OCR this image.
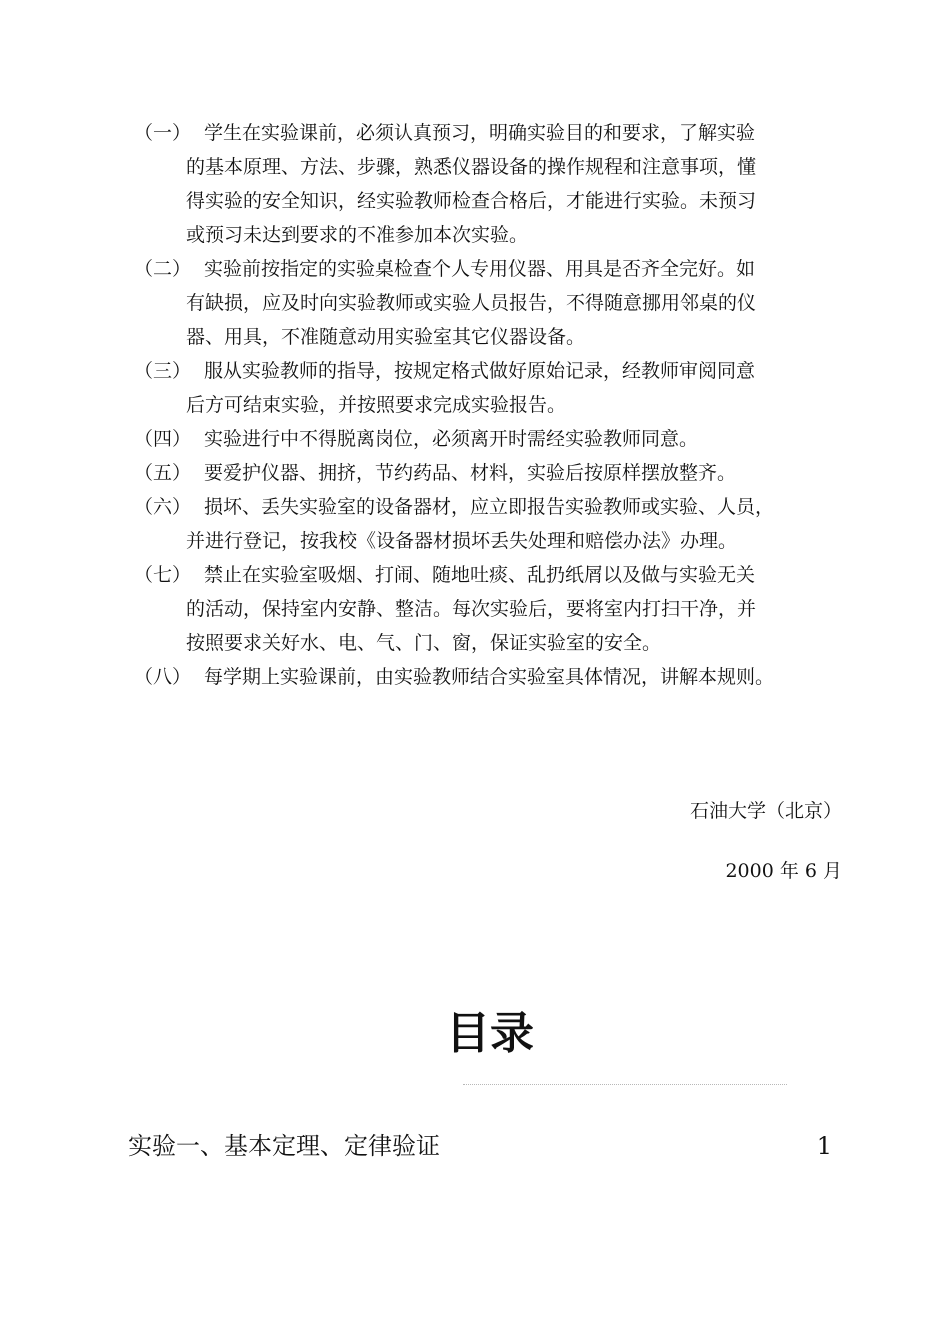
（一） 学生在实验课前，必须认真预习，明确实验目的和要求，了解实验
的基本原理、方法、步骤，熟悉仪器设备的操作规程和注意事项，懂
得实验的安全知识，经实验教师检查合格后，才能进行实验。未预习
或预习未达到要求的不准参加本次实验。
（二） 实验前按指定的实验桌检查个人专用仪器、用具是否齐全完好。如
有缺损，应及时向实验教师或实验人员报告，不得随意挪用邻桌的仪
器、用具，不准随意动用实验室其它仪器设备。
（三） 服从实验教师的指导，按规定格式做好原始记录，经教师审阅同意
后方可结束实验，并按照要求完成实验报告。
（四） 实验进行中不得脱离岗位，必须离开时需经实验教师同意。
（五） 要爱护仪器、拥挤，节约药品、材料，实验后按原样摆放整齐。
（六） 损坏、丢失实验室的设备器材，应立即报告实验教师或实验、人员，
并进行登记，按我校《设备器材损坏丢失处理和赔偿办法》办理。
（七） 禁止在实验室吸烟、打闹、随地吐痰、乱扔纸屑以及做与实验无关
的活动，保持室内安静、整洁。每次实验后，要将室内打扫干净，并
按照要求关好水、电、气、门、窗，保证实验室的安全。
（八） 每学期上实验课前，由实验教师结合实验室具体情况，讲解本规则。
石油大学（北京）
2000 年 6 月
目录
实验一、基本定理、定律验证	1
